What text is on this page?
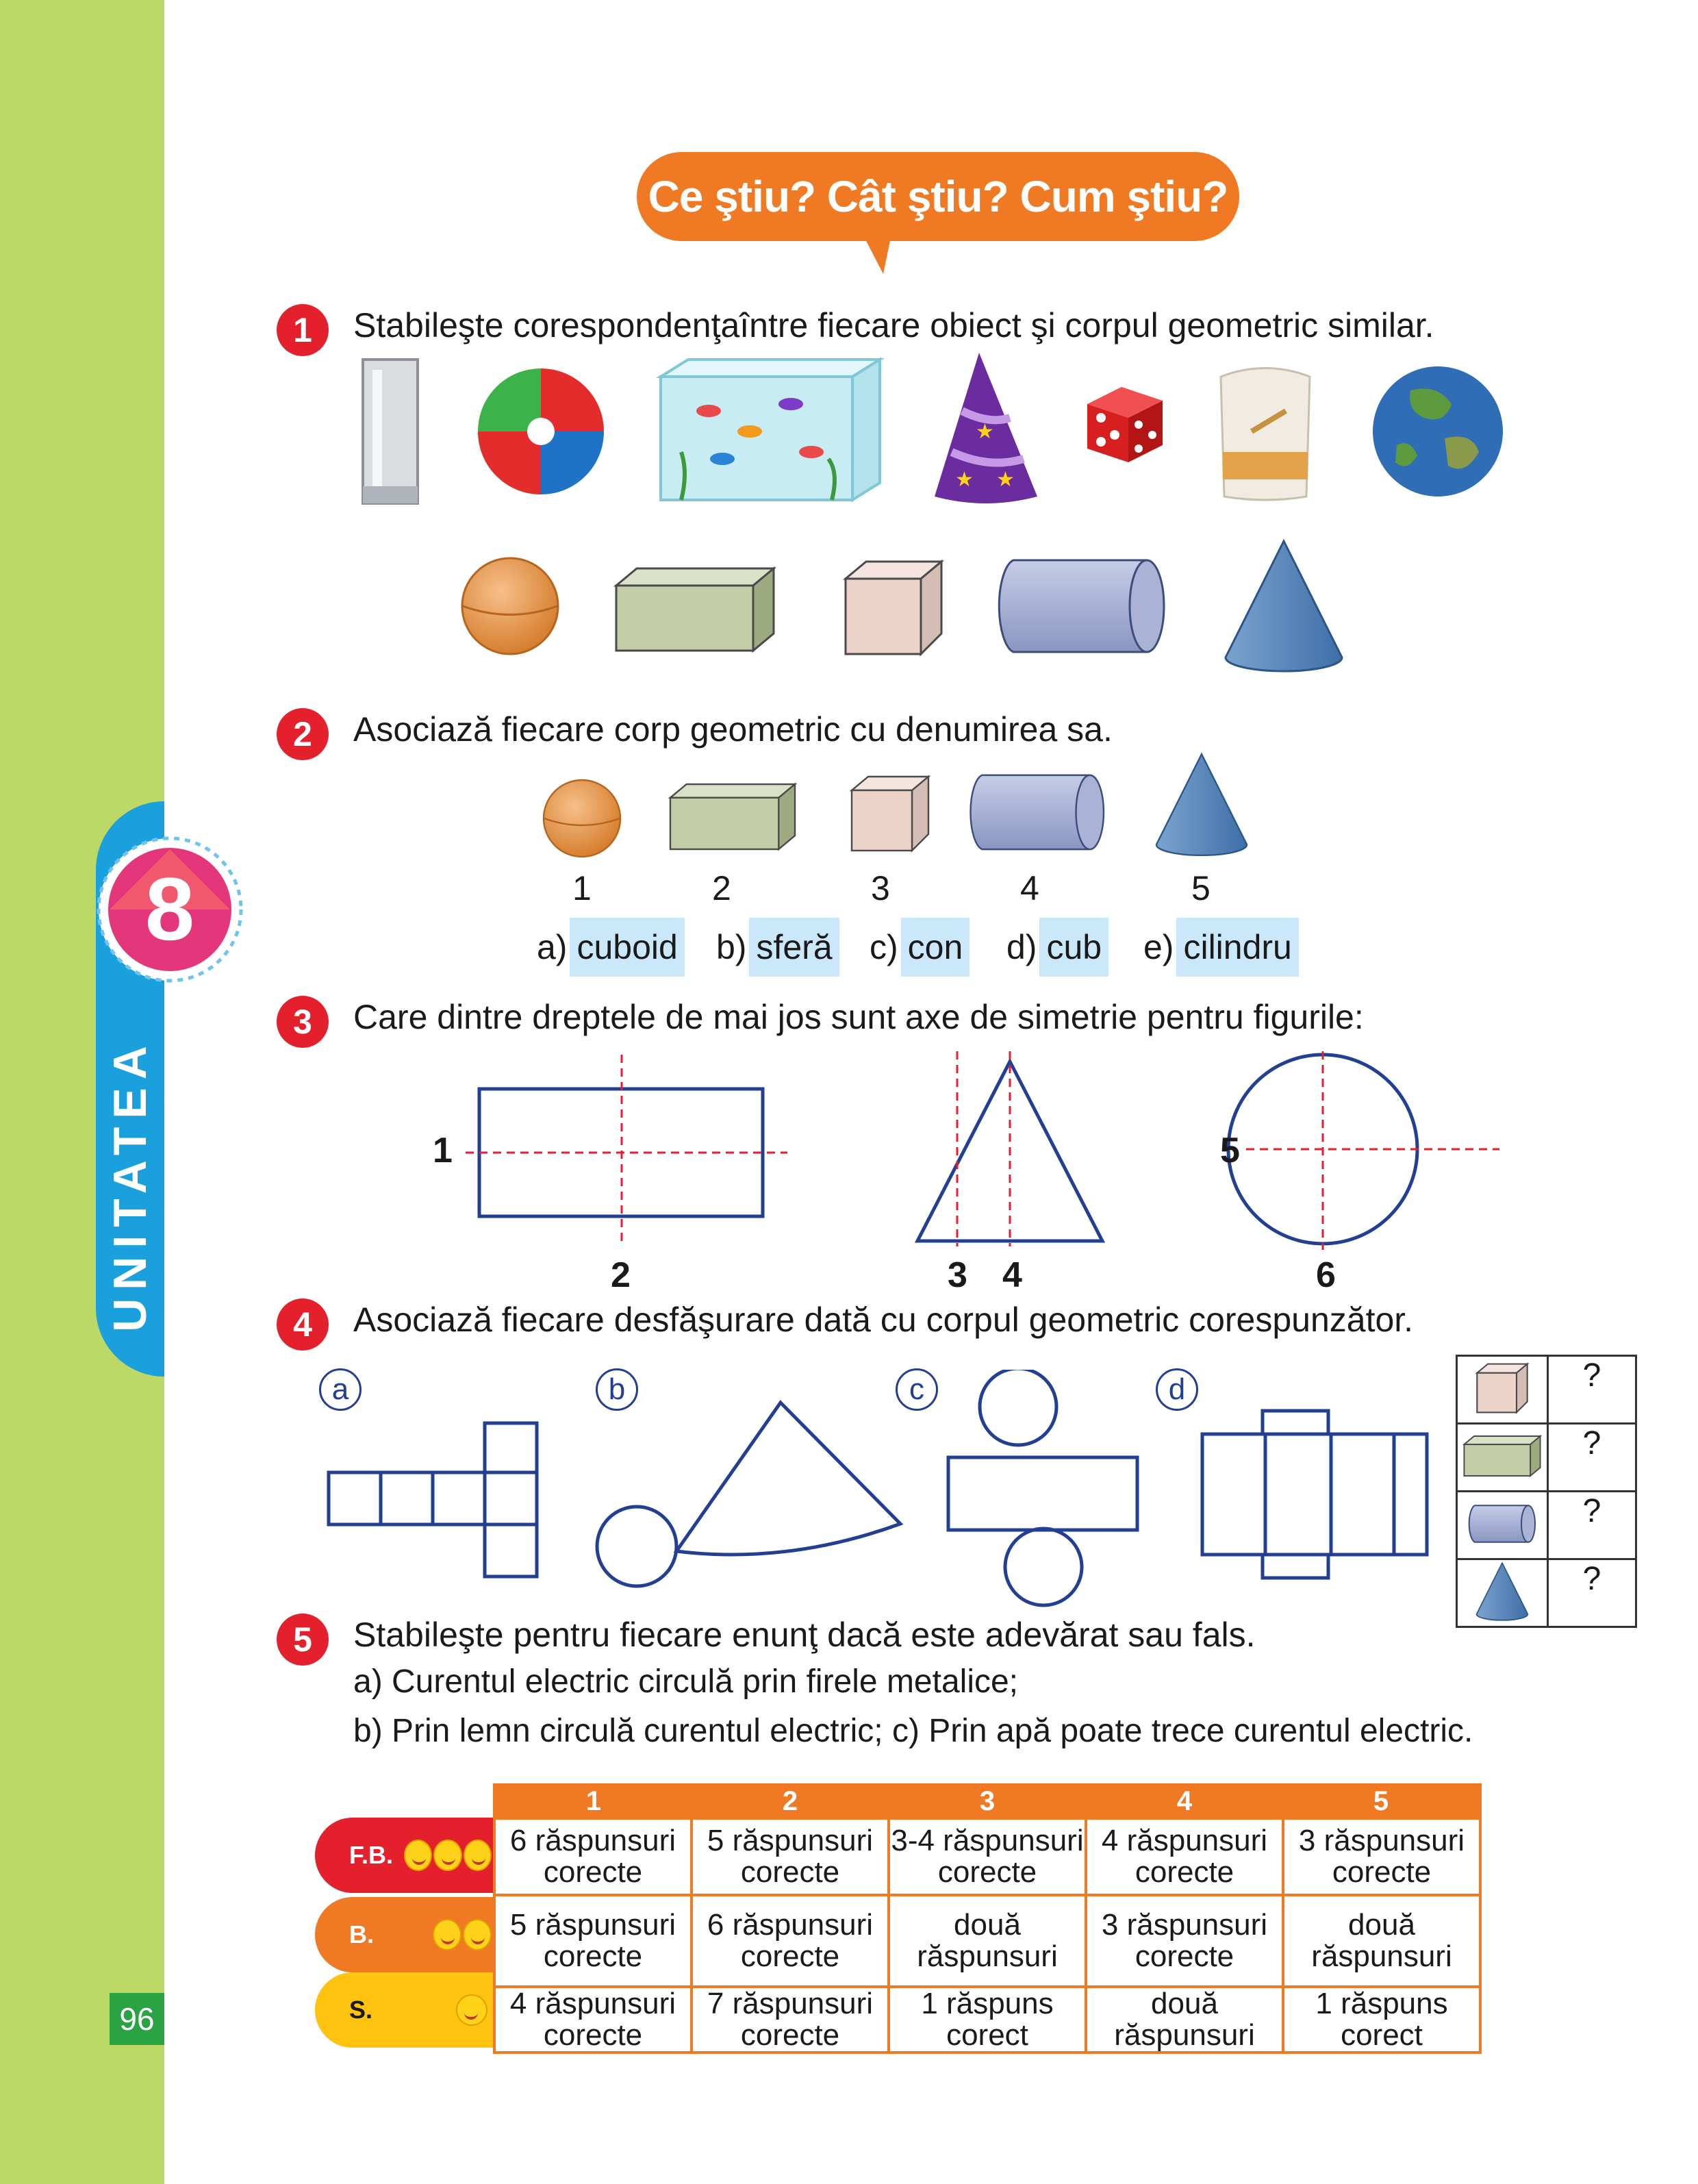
UNITATEA
8
96
Ce ştiu? Cât ştiu? Cum ştiu?
1	Stabileşte corespondenţaîntre fiecare obiect şi corpul geometric similar.
★
★
★
2	Asociază fiecare corp geometric cu denumirea sa.
1	2	3	4	5
a) cuboid b) sferă c) con d) cub e) cilindru
3	Care dintre dreptele de mai jos sunt axe de simetrie pentru figurile:
1
2	3 4
5
6
4	Asociază fiecare desfăşurare dată cu corpul geometric corespunzător.
a	b	c	d
		?
	?
	?
	?
5	Stabileşte pentru fiecare enunţ dacă este adevărat sau fals.
a) Curentul electric circulă prin firele metalice;
b) Prin lemn circulă curentul electric; c) Prin apă poate trece curentul electric.
F.B.
B.
S.
1	2	3	4	5
6 răspunsuri corecte	5 răspunsuri corecte	3-4 răspunsuri corecte	4 răspunsuri corecte	3 răspunsuri corecte
5 răspunsuri corecte	6 răspunsuri corecte	două răspunsuri	3 răspunsuri corecte	două răspunsuri
4 răspunsuri corecte	7 răspunsuri corecte	1 răspuns corect	două răspunsuri	1 răspuns corect
